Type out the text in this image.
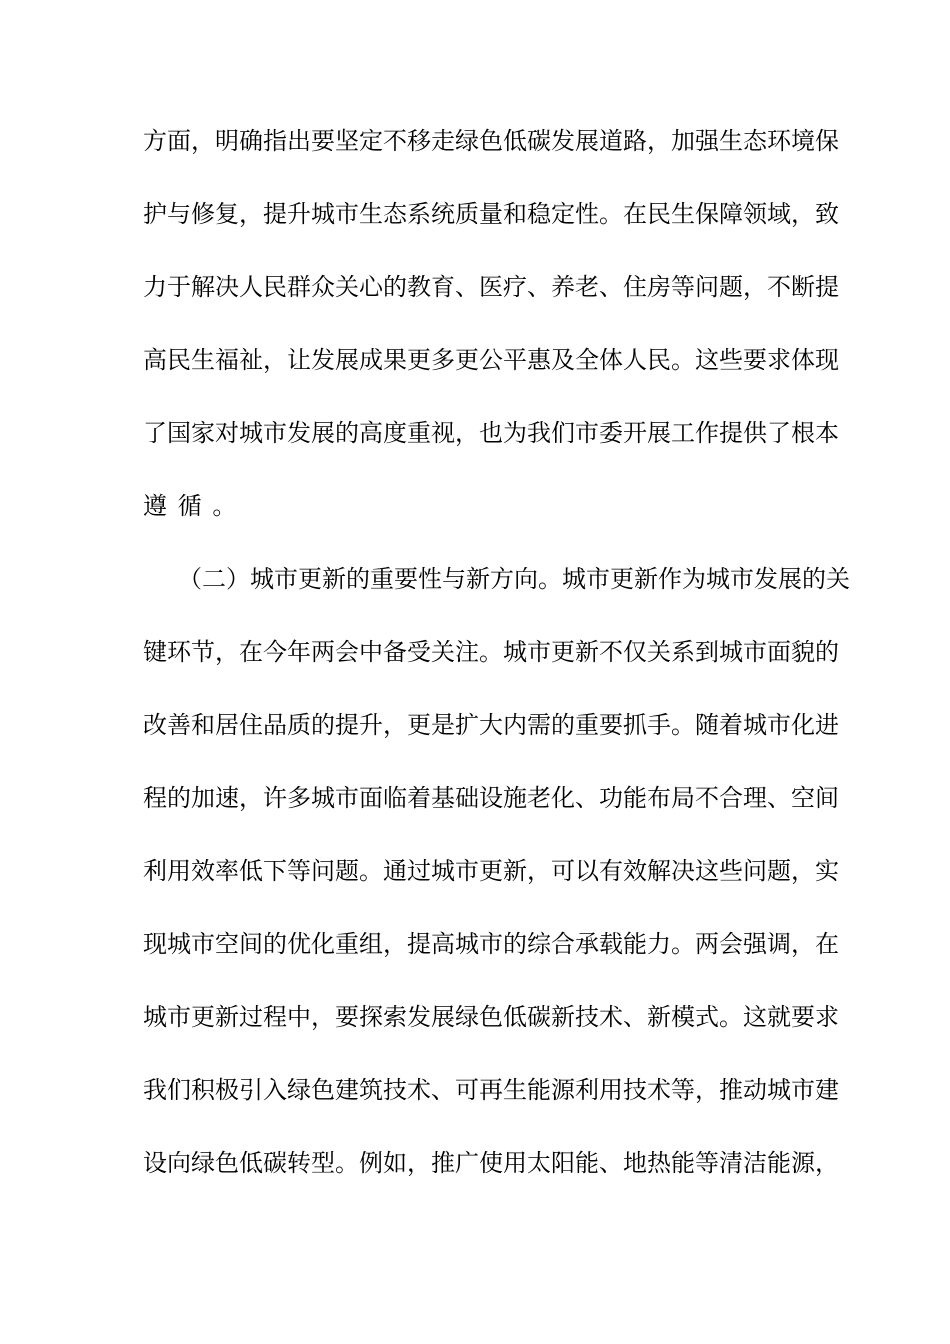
方 面 ， 明 确 指 出 要 坚 定 不 移 走 绿 色 低 碳 发 展 道 路 ， 加 强 生 态 环 境 保
护 与 修 复 ， 提 升 城 市 生 态 系 统 质 量 和 稳 定 性 。 在 民 生 保 障 领 域 ， 致
力 于 解 决 人 民 群 众 关 心 的 教 育 、 医 疗 、 养 老 、 住 房 等 问 题 ， 不 断 提
高 民 生 福 祉 ， 让 发 展 成 果 更 多 更 公 平 惠 及 全 体 人 民 。 这 些 要 求 体 现
了 国 家 对 城 市 发 展 的 高 度 重 视 ， 也 为 我 们 市 委 开 展 工 作 提 供 了 根 本
遵循。
（ 二 ） 城 市 更 新 的 重 要 性 与 新 方 向 。 城 市 更 新 作 为 城 市 发 展 的 关
键 环 节 ， 在 今 年 两 会 中 备 受 关 注 。 城 市 更 新 不 仅 关 系 到 城 市 面 貌 的
改 善 和 居 住 品 质 的 提 升 ， 更 是 扩 大 内 需 的 重 要 抓 手 。 随 着 城 市 化 进
程 的 加 速 ， 许 多 城 市 面 临 着 基 础 设 施 老 化 、 功 能 布 局 不 合 理 、 空 间
利 用 效 率 低 下 等 问 题 。 通 过 城 市 更 新 ， 可 以 有 效 解 决 这 些 问 题 ， 实
现 城 市 空 间 的 优 化 重 组 ， 提 高 城 市 的 综 合 承 载 能 力 。 两 会 强 调 ， 在
城 市 更 新 过 程 中 ， 要 探 索 发 展 绿 色 低 碳 新 技 术 、 新 模 式 。 这 就 要 求
我 们 积 极 引 入 绿 色 建 筑 技 术 、 可 再 生 能 源 利 用 技 术 等 ， 推 动 城 市 建
设 向 绿 色 低 碳 转 型 。 例 如 ， 推 广 使 用 太 阳 能 、 地 热 能 等 清 洁 能 源 ，
